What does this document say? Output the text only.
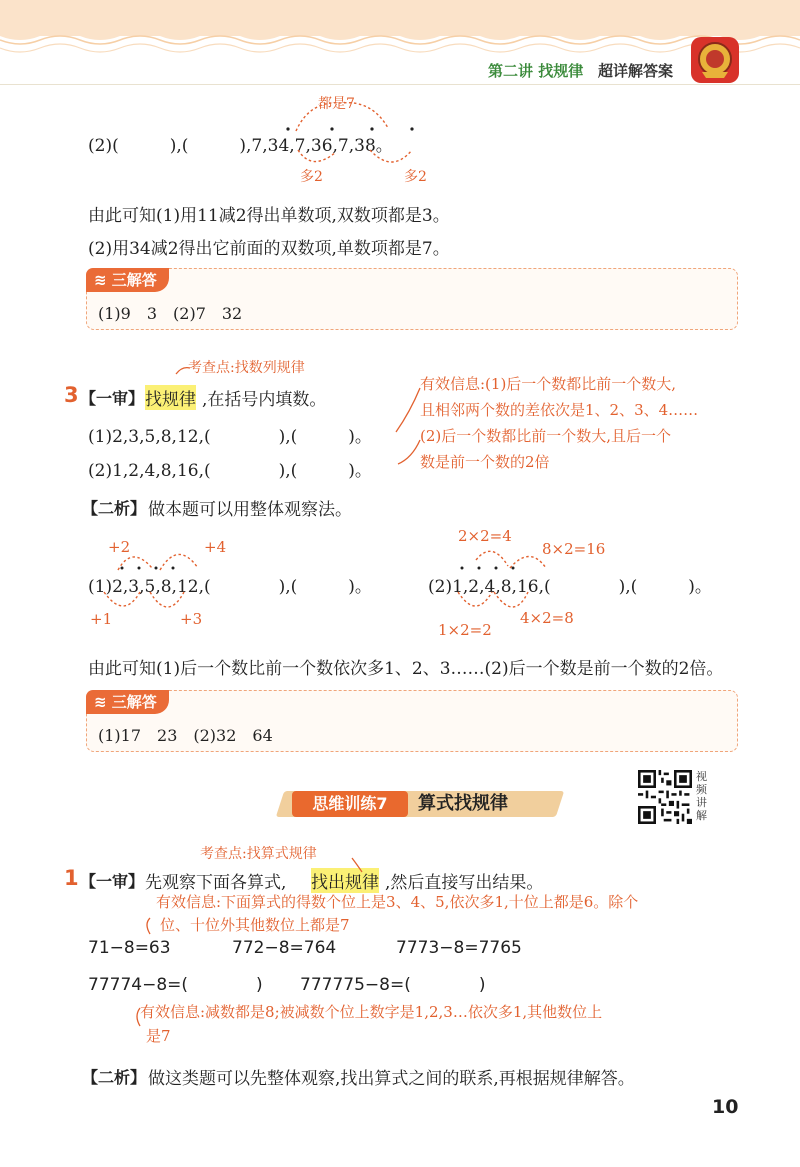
第二讲 找规律 超详解答案
(2)(　　　),(　　　),7,34,7,36,7,38。
都是7
多2	多2
由此可知(1)用11减2得出单数项,双数项都是3。
(2)用34减2得出它前面的双数项,单数项都是7。
≋ 三解答
(1)9　3　(2)7　32
考查点:找数列规律
3 【一审】 找规律 ,在括号内填数。
(1)2,3,5,8,12,(　　　　),(　　　)。
(2)1,2,4,8,16,(　　　　),(　　　)。
有效信息:(1)后一个数都比前一个数大,
且相邻两个数的差依次是1、2、3、4……
(2)后一个数都比前一个数大,且后一个
数是前一个数的2倍
【二析】 做本题可以用整体观察法。
(1)2,3,5,8,12,(　　　　),(　　　)。	(2)1,2,4,8,16,(　　　　),(　　　)。
+2	+4
+1	+3
2×2=4
8×2=16
1×2=2
4×2=8
由此可知(1)后一个数比前一个数依次多1、2、3……(2)后一个数是前一个数的2倍。
≋ 三解答
(1)17　23　(2)32　64
思维训练7	算式找规律
视频讲解
考查点:找算式规律
1 【一审】 先观察下面各算式, 找出规律 ,然后直接写出结果。
有效信息:下面算式的得数个位上是3、4、5,依次多1,十位上都是6。除个
位、十位外其他数位上都是7
71−8=63	772−8=764	7773−8=7765
77774−8=(　　　　) 777775−8=(　　　　)
有效信息:减数都是8;被减数个位上数字是1,2,3…依次多1,其他数位上
是7
【二析】 做这类题可以先整体观察,找出算式之间的联系,再根据规律解答。
10
